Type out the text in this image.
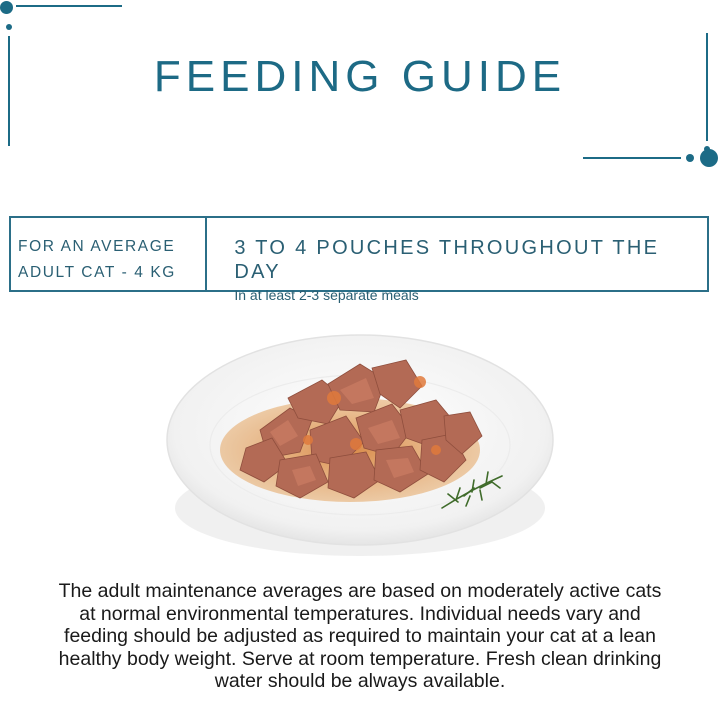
FEEDING GUIDE
FOR AN AVERAGE
ADULT CAT - 4 KG
3 TO 4 POUCHES THROUGHOUT THE DAY
In at least 2-3 separate meals

The adult maintenance averages are based on moderately active cats at normal environmental temperatures. Individual needs vary and feeding should be adjusted as required to maintain your cat at a lean healthy body weight. Serve at room temperature. Fresh clean drinking water should be always available.
